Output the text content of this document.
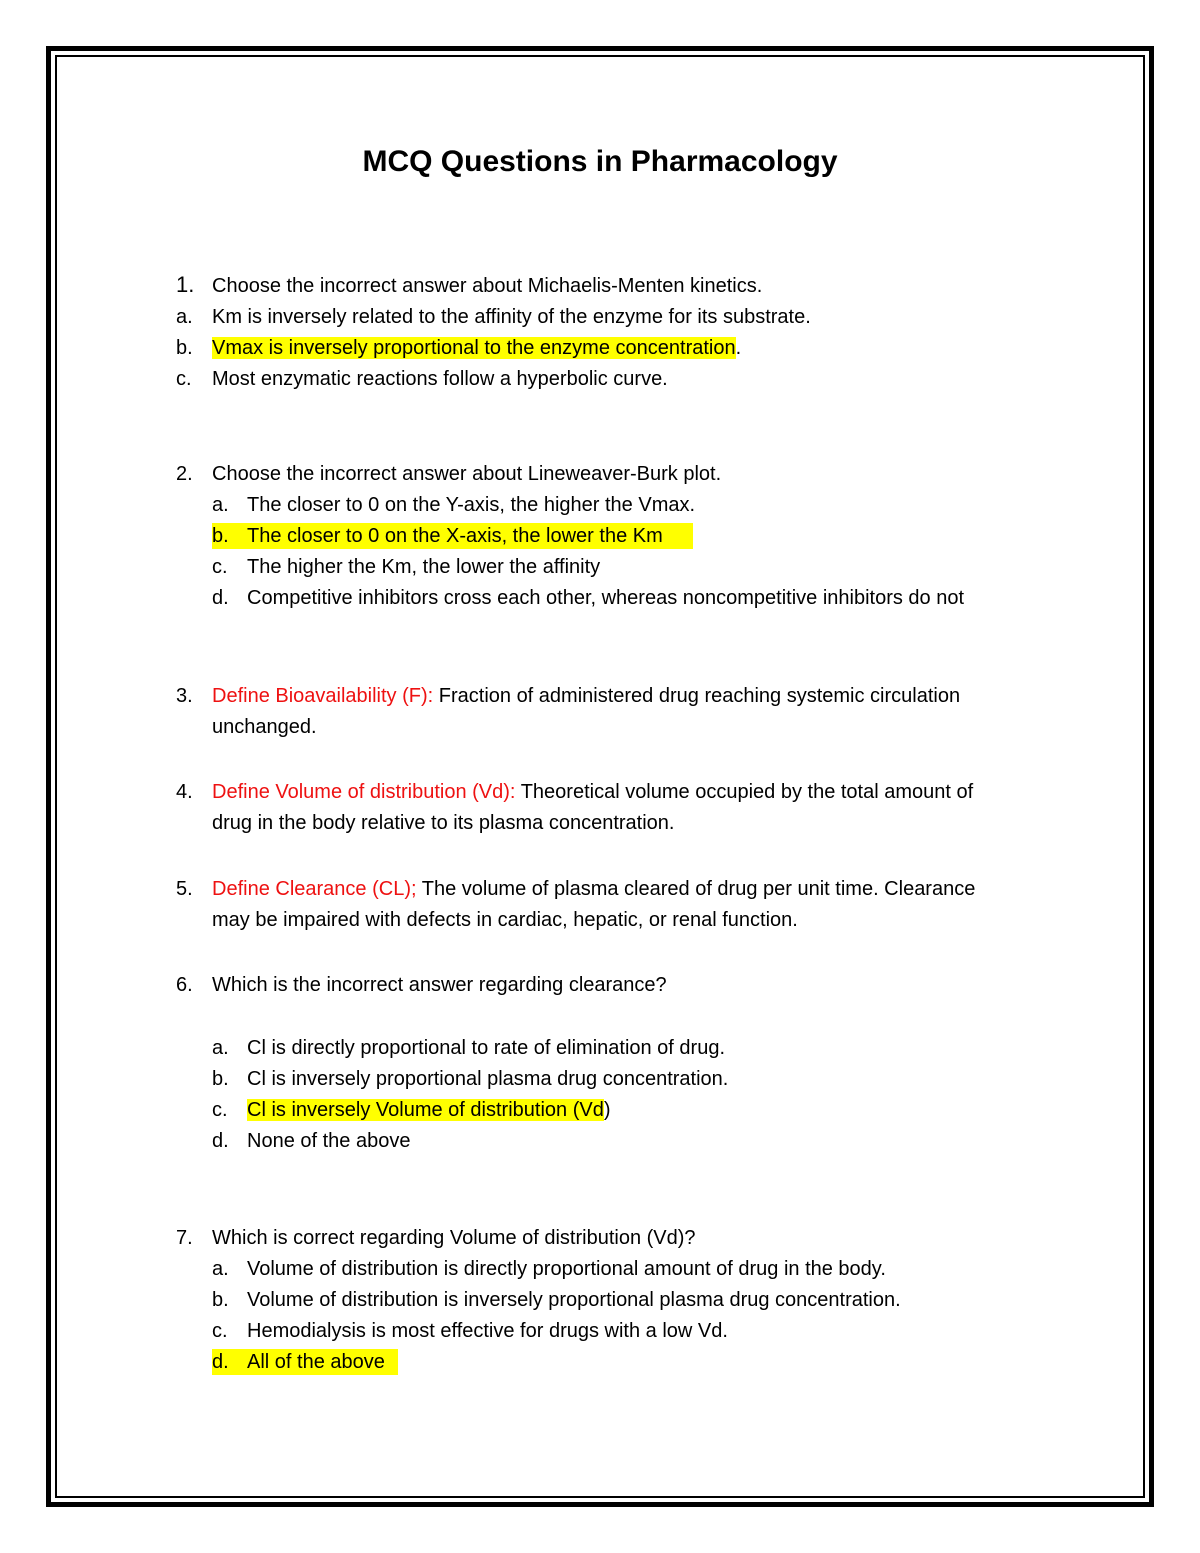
MCQ Questions in Pharmacology
1. Choose the incorrect answer about Michaelis-Menten kinetics.
a. Km is inversely related to the affinity of the enzyme for its substrate.
b. Vmax is inversely proportional to the enzyme concentration.
c. Most enzymatic reactions follow a hyperbolic curve.
2. Choose the incorrect answer about Lineweaver-Burk plot.
a. The closer to 0 on the Y-axis, the higher the Vmax.
b. The closer to 0 on the X-axis, the lower the Km
c. The higher the Km, the lower the affinity
d. Competitive inhibitors cross each other, whereas noncompetitive inhibitors do not
3. Define Bioavailability (F): Fraction of administered drug reaching systemic circulation
unchanged.
4. Define Volume of distribution (Vd): Theoretical volume occupied by the total amount of
drug in the body relative to its plasma concentration.
5. Define Clearance (CL); The volume of plasma cleared of drug per unit time. Clearance
may be impaired with defects in cardiac, hepatic, or renal function.
6. Which is the incorrect answer regarding clearance?
a. Cl is directly proportional to rate of elimination of drug.
b. Cl is inversely proportional plasma drug concentration.
c. Cl is inversely Volume of distribution (Vd)
d. None of the above
7. Which is correct regarding Volume of distribution (Vd)?
a. Volume of distribution is directly proportional amount of drug in the body.
b. Volume of distribution is inversely proportional plasma drug concentration.
c. Hemodialysis is most effective for drugs with a low Vd.
d. All of the above
